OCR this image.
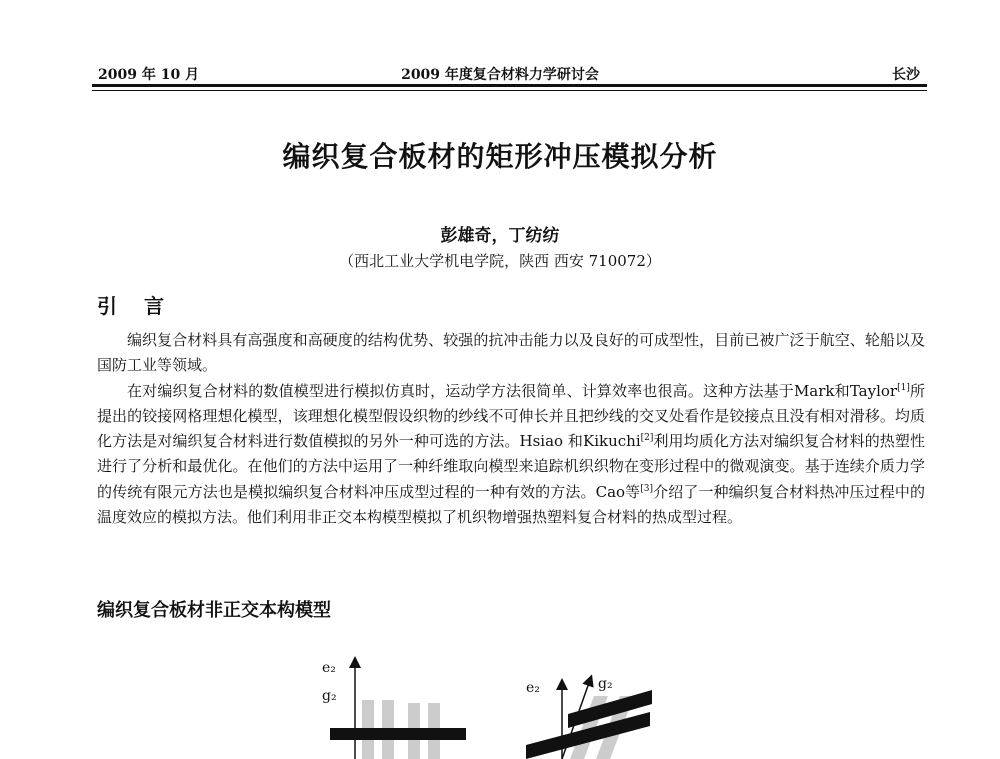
2009 年 10 月	2009 年度复合材料力学研讨会	长沙
编织复合板材的矩形冲压模拟分析
彭雄奇，丁纺纺
（西北工业大学机电学院，陕西 西安 710072）
引 言

编织复合材料具有高强度和高硬度的结构优势、较强的抗冲击能力以及良好的可成型性，目前已被广泛于航空、轮船以及国防工业等领域。

在对编织复合材料的数值模型进行模拟仿真时，运动学方法很简单、计算效率也很高。这种方法基于Mark和Taylor[1]所提出的铰接网格理想化模型，该理想化模型假设织物的纱线不可伸长并且把纱线的交叉处看作是铰接点且没有相对滑移。均质化方法是对编织复合材料进行数值模拟的另外一种可选的方法。Hsiao 和Kikuchi[2]利用均质化方法对编织复合材料的热塑性进行了分析和最优化。在他们的方法中运用了一种纤维取向模型来追踪机织织物在变形过程中的微观演变。基于连续介质力学的传统有限元方法也是模拟编织复合材料冲压成型过程的一种有效的方法。Cao等[3]介绍了一种编织复合材料热冲压过程中的温度效应的模拟方法。他们利用非正交本构模型模拟了机织物增强热塑料复合材料的热成型过程。

编织复合板材非正交本构模型
e₂
g₂	e₂	g₂
